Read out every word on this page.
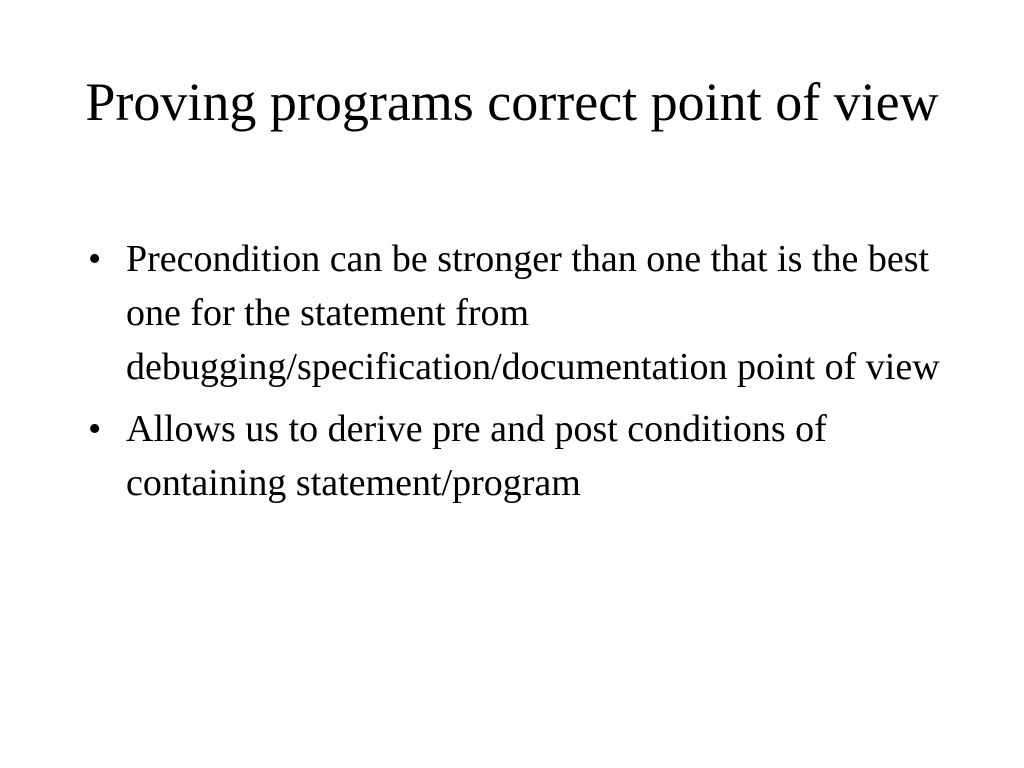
Proving programs correct point of view
• Precondition can be stronger than one that is the best one for the statement from debugging/specification/documentation point of view
• Allows us to derive pre and post conditions of containing statement/program
